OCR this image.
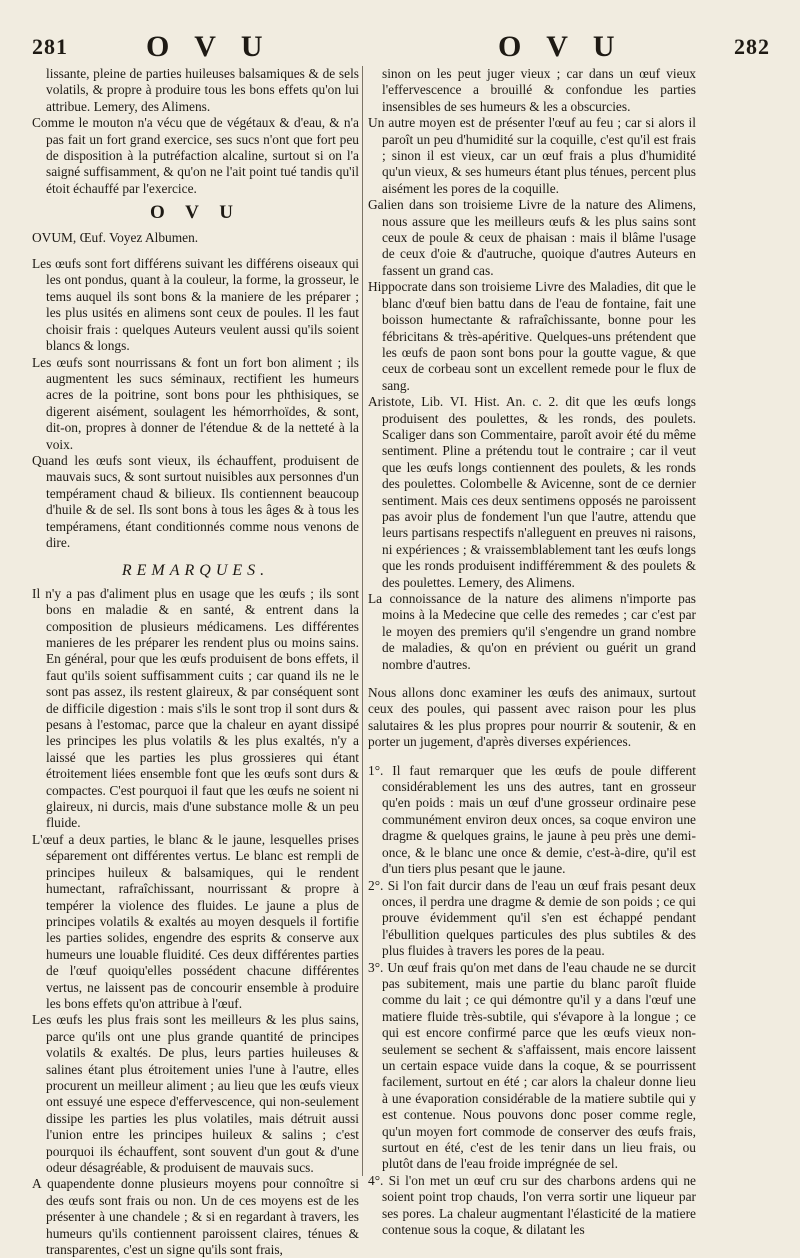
281	O V U	O V U	282

lissante, pleine de parties huileuses balsamiques & de sels volatils, & propre à produire tous les bons effets qu'on lui attribue. Lemery, des Alimens.

Comme le mouton n'a vécu que de végétaux & d'eau, & n'a pas fait un fort grand exercice, ses sucs n'ont que fort peu de disposition à la putréfaction alcaline, surtout si on l'a saigné suffisamment, & qu'on ne l'ait point tué tandis qu'il étoit échauffé par l'exercice.

O V U

OVUM, Œuf. Voyez Albumen.

Les œufs sont fort différens suivant les différens oiseaux qui les ont pondus, quant à la couleur, la forme, la grosseur, le tems auquel ils sont bons & la maniere de les préparer ; les plus usités en alimens sont ceux de poules. Il les faut choisir frais : quelques Auteurs veulent aussi qu'ils soient blancs & longs.

Les œufs sont nourrissans & font un fort bon aliment ; ils augmentent les sucs séminaux, rectifient les humeurs acres de la poitrine, sont bons pour les phthisiques, se digerent aisément, soulagent les hémorrhoïdes, & sont, dit-on, propres à donner de l'étendue & de la netteté à la voix.

Quand les œufs sont vieux, ils échauffent, produisent de mauvais sucs, & sont surtout nuisibles aux personnes d'un tempérament chaud & bilieux. Ils contiennent beaucoup d'huile & de sel. Ils sont bons à tous les âges & à tous les tempéramens, étant conditionnés comme nous venons de dire.

REMARQUES.

Il n'y a pas d'aliment plus en usage que les œufs ; ils sont bons en maladie & en santé, & entrent dans la composition de plusieurs médicamens. Les différentes manieres de les préparer les rendent plus ou moins sains. En général, pour que les œufs produisent de bons effets, il faut qu'ils soient suffisamment cuits ; car quand ils ne le sont pas assez, ils restent glaireux, & par conséquent sont de difficile digestion : mais s'ils le sont trop il sont durs & pesans à l'estomac, parce que la chaleur en ayant dissipé les principes les plus volatils & les plus exaltés, n'y a laissé que les parties les plus grossieres qui étant étroitement liées ensemble font que les œufs sont durs & compactes. C'est pourquoi il faut que les œufs ne soient ni glaireux, ni durcis, mais d'une substance molle & un peu fluide.

L'œuf a deux parties, le blanc & le jaune, lesquelles prises séparement ont différentes vertus. Le blanc est rempli de principes huileux & balsamiques, qui le rendent humectant, rafraîchissant, nourrissant & propre à tempérer la violence des fluides. Le jaune a plus de principes volatils & exaltés au moyen desquels il fortifie les parties solides, engendre des esprits & conserve aux humeurs une louable fluidité. Ces deux différentes parties de l'œuf quoiqu'elles possédent chacune différentes vertus, ne laissent pas de concourir ensemble à produire les bons effets qu'on attribue à l'œuf.

Les œufs les plus frais sont les meilleurs & les plus sains, parce qu'ils ont une plus grande quantité de principes volatils & exaltés. De plus, leurs parties huileuses & salines étant plus étroitement unies l'une à l'autre, elles procurent un meilleur aliment ; au lieu que les œufs vieux ont essuyé une espece d'effervescence, qui non-seulement dissipe les parties les plus volatiles, mais détruit aussi l'union entre les principes huileux & salins ; c'est pourquoi ils échauffent, sont souvent d'un gout & d'une odeur désagréable, & produisent de mauvais sucs.

A quapendente donne plusieurs moyens pour connoître si des œufs sont frais ou non. Un de ces moyens est de les présenter à une chandele ; & si en regardant à travers, les humeurs qu'ils contiennent paroissent claires, ténues & transparentes, c'est un signe qu'ils sont frais,

sinon on les peut juger vieux ; car dans un œuf vieux l'effervescence a brouillé & confondue les parties insensibles de ses humeurs & les a obscurcies.

Un autre moyen est de présenter l'œuf au feu ; car si alors il paroît un peu d'humidité sur la coquille, c'est qu'il est frais ; sinon il est vieux, car un œuf frais a plus d'humidité qu'un vieux, & ses humeurs étant plus ténues, percent plus aisément les pores de la coquille.

Galien dans son troisieme Livre de la nature des Alimens, nous assure que les meilleurs œufs & les plus sains sont ceux de poule & ceux de phaisan : mais il blâme l'usage de ceux d'oie & d'autruche, quoique d'autres Auteurs en fassent un grand cas.

Hippocrate dans son troisieme Livre des Maladies, dit que le blanc d'œuf bien battu dans de l'eau de fontaine, fait une boisson humectante & rafraîchissante, bonne pour les fébricitans & très-apéritive. Quelques-uns prétendent que les œufs de paon sont bons pour la goutte vague, & que ceux de corbeau sont un excellent remede pour le flux de sang.

Aristote, Lib. VI. Hist. An. c. 2. dit que les œufs longs produisent des poulettes, & les ronds, des poulets. Scaliger dans son Commentaire, paroît avoir été du même sentiment. Pline a prétendu tout le contraire ; car il veut que les œufs longs contiennent des poulets, & les ronds des poulettes. Colombelle & Avicenne, sont de ce dernier sentiment. Mais ces deux sentimens opposés ne paroissent pas avoir plus de fondement l'un que l'autre, attendu que leurs partisans respectifs n'alleguent en preuves ni raisons, ni expériences ; & vraissemblablement tant les œufs longs que les ronds produisent indifféremment & des poulets & des poulettes. Lemery, des Alimens.

La connoissance de la nature des alimens n'importe pas moins à la Medecine que celle des remedes ; car c'est par le moyen des premiers qu'il s'engendre un grand nombre de maladies, & qu'on en prévient ou guérit un grand nombre d'autres.

Nous allons donc examiner les œufs des animaux, surtout ceux des poules, qui passent avec raison pour les plus salutaires & les plus propres pour nourrir & soutenir, & en porter un jugement, d'après diverses expériences.

1°. Il faut remarquer que les œufs de poule different considérablement les uns des autres, tant en grosseur qu'en poids : mais un œuf d'une grosseur ordinaire pese communément environ deux onces, sa coque environ une dragme & quelques grains, le jaune à peu près une demi-once, & le blanc une once & demie, c'est-à-dire, qu'il est d'un tiers plus pesant que le jaune.

2°. Si l'on fait durcir dans de l'eau un œuf frais pesant deux onces, il perdra une dragme & demie de son poids ; ce qui prouve évidemment qu'il s'en est échappé pendant l'ébullition quelques particules des plus subtiles & des plus fluides à travers les pores de la peau.

3°. Un œuf frais qu'on met dans de l'eau chaude ne se durcit pas subitement, mais une partie du blanc paroît fluide comme du lait ; ce qui démontre qu'il y a dans l'œuf une matiere fluide très-subtile, qui s'évapore à la longue ; ce qui est encore confirmé parce que les œufs vieux non-seulement se sechent & s'affaissent, mais encore laissent un certain espace vuide dans la coque, & se pourrissent facilement, surtout en été ; car alors la chaleur donne lieu à une évaporation considérable de la matiere subtile qui y est contenue. Nous pouvons donc poser comme regle, qu'un moyen fort commode de conserver des œufs frais, surtout en été, c'est de les tenir dans un lieu frais, ou plutôt dans de l'eau froide imprégnée de sel.

4°. Si l'on met un œuf cru sur des charbons ardens qui ne soient point trop chauds, l'on verra sortir une liqueur par ses pores. La chaleur augmentant l'élasticité de la matiere contenue sous la coque, & dilatant les
